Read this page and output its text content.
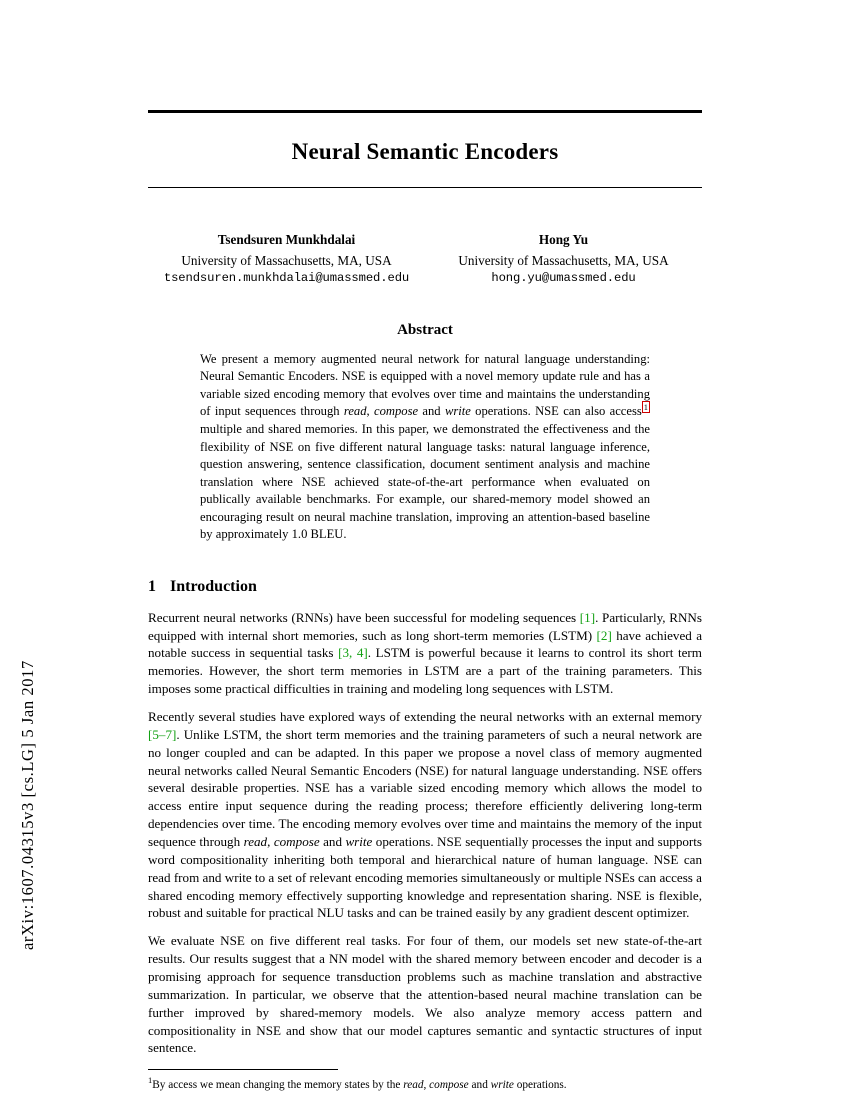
arXiv:1607.04315v3 [cs.LG] 5 Jan 2017
Neural Semantic Encoders
Tsendsuren Munkhdalai
University of Massachusetts, MA, USA
tsendsuren.munkhdalai@umassmed.edu
Hong Yu
University of Massachusetts, MA, USA
hong.yu@umassmed.edu
Abstract
We present a memory augmented neural network for natural language understanding: Neural Semantic Encoders. NSE is equipped with a novel memory update rule and has a variable sized encoding memory that evolves over time and maintains the understanding of input sequences through read, compose and write operations. NSE can also access $^1$ multiple and shared memories. In this paper, we demonstrated the effectiveness and the flexibility of NSE on five different natural language tasks: natural language inference, question answering, sentence classification, document sentiment analysis and machine translation where NSE achieved state-of-the-art performance when evaluated on publically available benchmarks. For example, our shared-memory model showed an encouraging result on neural machine translation, improving an attention-based baseline by approximately 1.0 BLEU.
1 Introduction

Recurrent neural networks (RNNs) have been successful for modeling sequences [1]. Particularly, RNNs equipped with internal short memories, such as long short-term memories (LSTM) [2] have achieved a notable success in sequential tasks [3, 4]. LSTM is powerful because it learns to control its short term memories. However, the short term memories in LSTM are a part of the training parameters. This imposes some practical difficulties in training and modeling long sequences with LSTM.

Recently several studies have explored ways of extending the neural networks with an external memory [5–7]. Unlike LSTM, the short term memories and the training parameters of such a neural network are no longer coupled and can be adapted. In this paper we propose a novel class of memory augmented neural networks called Neural Semantic Encoders (NSE) for natural language understanding. NSE offers several desirable properties. NSE has a variable sized encoding memory which allows the model to access entire input sequence during the reading process; therefore efficiently delivering long-term dependencies over time. The encoding memory evolves over time and maintains the memory of the input sequence through read, compose and write operations. NSE sequentially processes the input and supports word compositionality inheriting both temporal and hierarchical nature of human language. NSE can read from and write to a set of relevant encoding memories simultaneously or multiple NSEs can access a shared encoding memory effectively supporting knowledge and representation sharing. NSE is flexible, robust and suitable for practical NLU tasks and can be trained easily by any gradient descent optimizer.

We evaluate NSE on five different real tasks. For four of them, our models set new state-of-the-art results. Our results suggest that a NN model with the shared memory between encoder and decoder is a promising approach for sequence transduction problems such as machine translation and abstractive summarization. In particular, we observe that the attention-based neural machine translation can be further improved by shared-memory models. We also analyze memory access pattern and compositionality in NSE and show that our model captures semantic and syntactic structures of input sentence.

$^1$By access we mean changing the memory states by the read, compose and write operations.
